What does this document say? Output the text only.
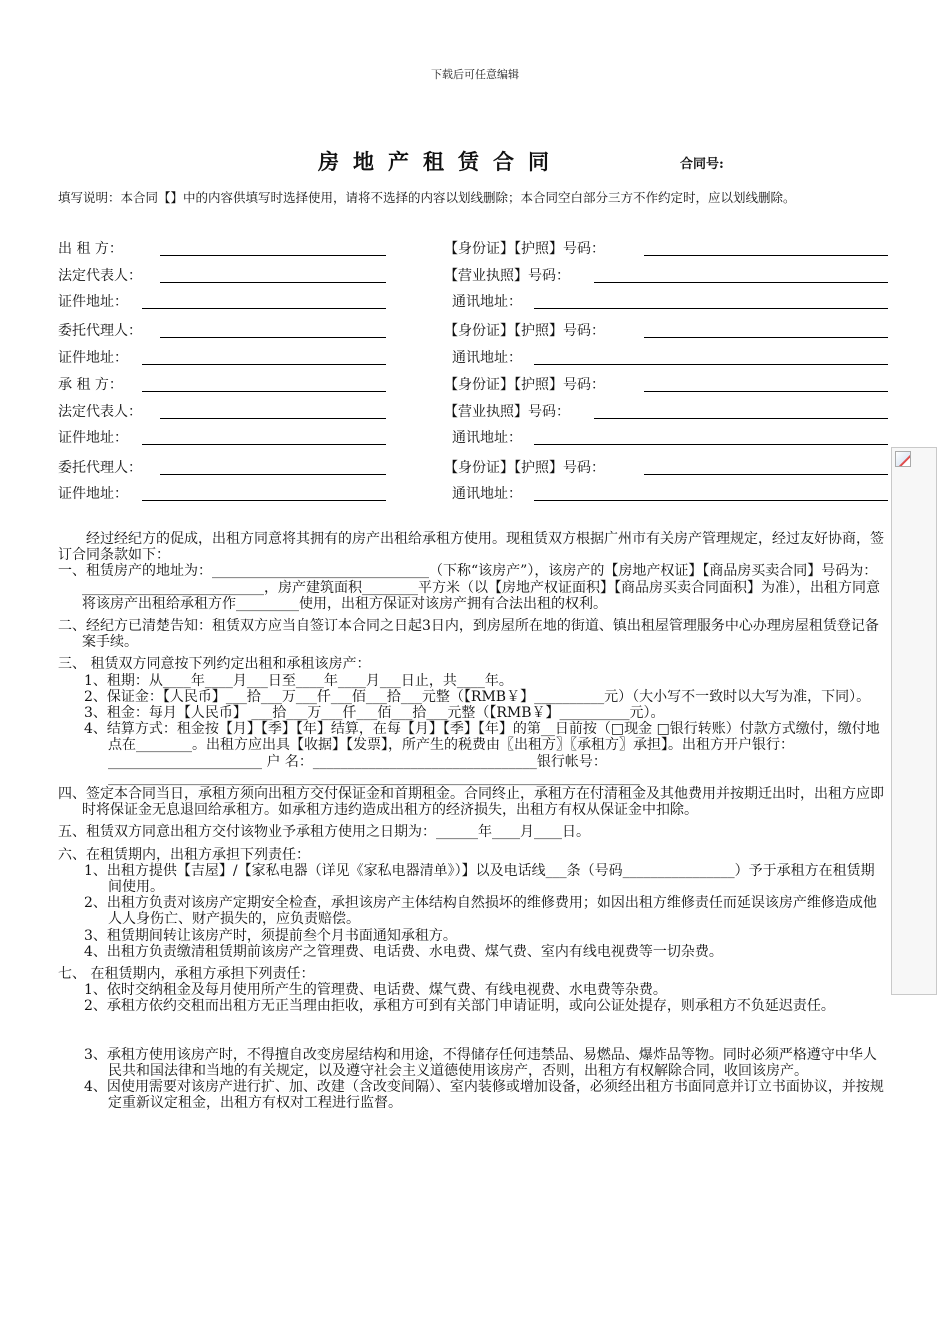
下载后可任意编辑
房地产租赁合同	合同号:
填写说明：本合同【】中的内容供填写时选择使用，请将不选择的内容以划线删除；本合同空白部分三方不作约定时，应以划线删除。
出 租 方：
法定代表人：
证件地址：
委托代理人：
证件地址：
承 租 方：
法定代表人：
证件地址：
委托代理人：
证件地址：
【身份证】【护照】号码：
【营业执照】号码：
通讯地址：
【身份证】【护照】号码：
通讯地址：
【身份证】【护照】号码：
【营业执照】号码：
通讯地址：
【身份证】【护照】号码：
通讯地址：

经过经纪方的促成，出租方同意将其拥有的房产出租给承租方使用。现租赁双方根据广州市有关房产管理规定，经过友好协商，签订合同条款如下：

一、租赁房产的地址为：_______________________________（下称“该房产”），该房产的【房地产权证】【商品房买卖合同】号码为：__________________________，房产建筑面积________平方米（以【房地产权证面积】【商品房买卖合同面积】为准），出租方同意将该房产出租给承租方作_________使用，出租方保证对该房产拥有合法出租的权利。

二、经纪方已清楚告知：租赁双方应当自签订本合同之日起3日内，到房屋所在地的街道、镇出租屋管理服务中心办理房屋租赁登记备案手续。

三、 租赁双方同意按下列约定出租和承租该房产：

1、租期：从____年____月___日至____年____月___日止，共____年。

2、保证金：【人民币】___拾___万___仟___佰___拾___元整（【RMB￥】__________元）（大小写不一致时以大写为准，下同）。

3、租金：每月【人民币】 ___拾___万___仟___佰___拾___元整（【RMB￥】__________元）。

4、结算方式：租金按【月】【季】【年】结算，在每【月】【季】【年】的第__日前按（□现金 □银行转账）付款方式缴付，缴付地点在________。出租方应出具【收据】【发票】，所产生的税费由〖出租方〗〖承租方〗承担】。出租方开户银行：______________________ 户 名：________________________________银行帐号：____________________________________________________________________________

四、签定本合同当日，承租方须向出租方交付保证金和首期租金。合同终止，承租方在付清租金及其他费用并按期迁出时，出租方应即时将保证金无息退回给承租方。如承租方违约造成出租方的经济损失，出租方有权从保证金中扣除。

五、租赁双方同意出租方交付该物业予承租方使用之日期为：______年____月____日。

六、在租赁期内，出租方承担下列责任：

1、出租方提供【吉屋】/【家私电器（详见《家私电器清单》）】以及电话线___条（号码________________）予于承租方在租赁期间使用。

2、出租方负责对该房产定期安全检查，承担该房产主体结构自然损坏的维修费用；如因出租方维修责任而延误该房产维修造成他人人身伤亡、财产损失的，应负责赔偿。

3、租赁期间转让该房产时，须提前叁个月书面通知承租方。

4、出租方负责缴清租赁期前该房产之管理费、电话费、水电费、煤气费、室内有线电视费等一切杂费。

七、 在租赁期内，承租方承担下列责任：

1、依时交纳租金及每月使用所产生的管理费、电话费、煤气费、有线电视费、水电费等杂费。

2、承租方依约交租而出租方无正当理由拒收，承租方可到有关部门申请证明，或向公证处提存，则承租方不负延迟责任。

3、承租方使用该房产时，不得擅自改变房屋结构和用途，不得储存任何违禁品、易燃品、爆炸品等物。同时必须严格遵守中华人民共和国法律和当地的有关规定，以及遵守社会主义道德使用该房产，否则，出租方有权解除合同，收回该房产。

4、因使用需要对该房产进行扩、加、改建（含改变间隔）、室内装修或增加设备，必须经出租方书面同意并订立书面协议，并按规定重新议定租金，出租方有权对工程进行监督。
